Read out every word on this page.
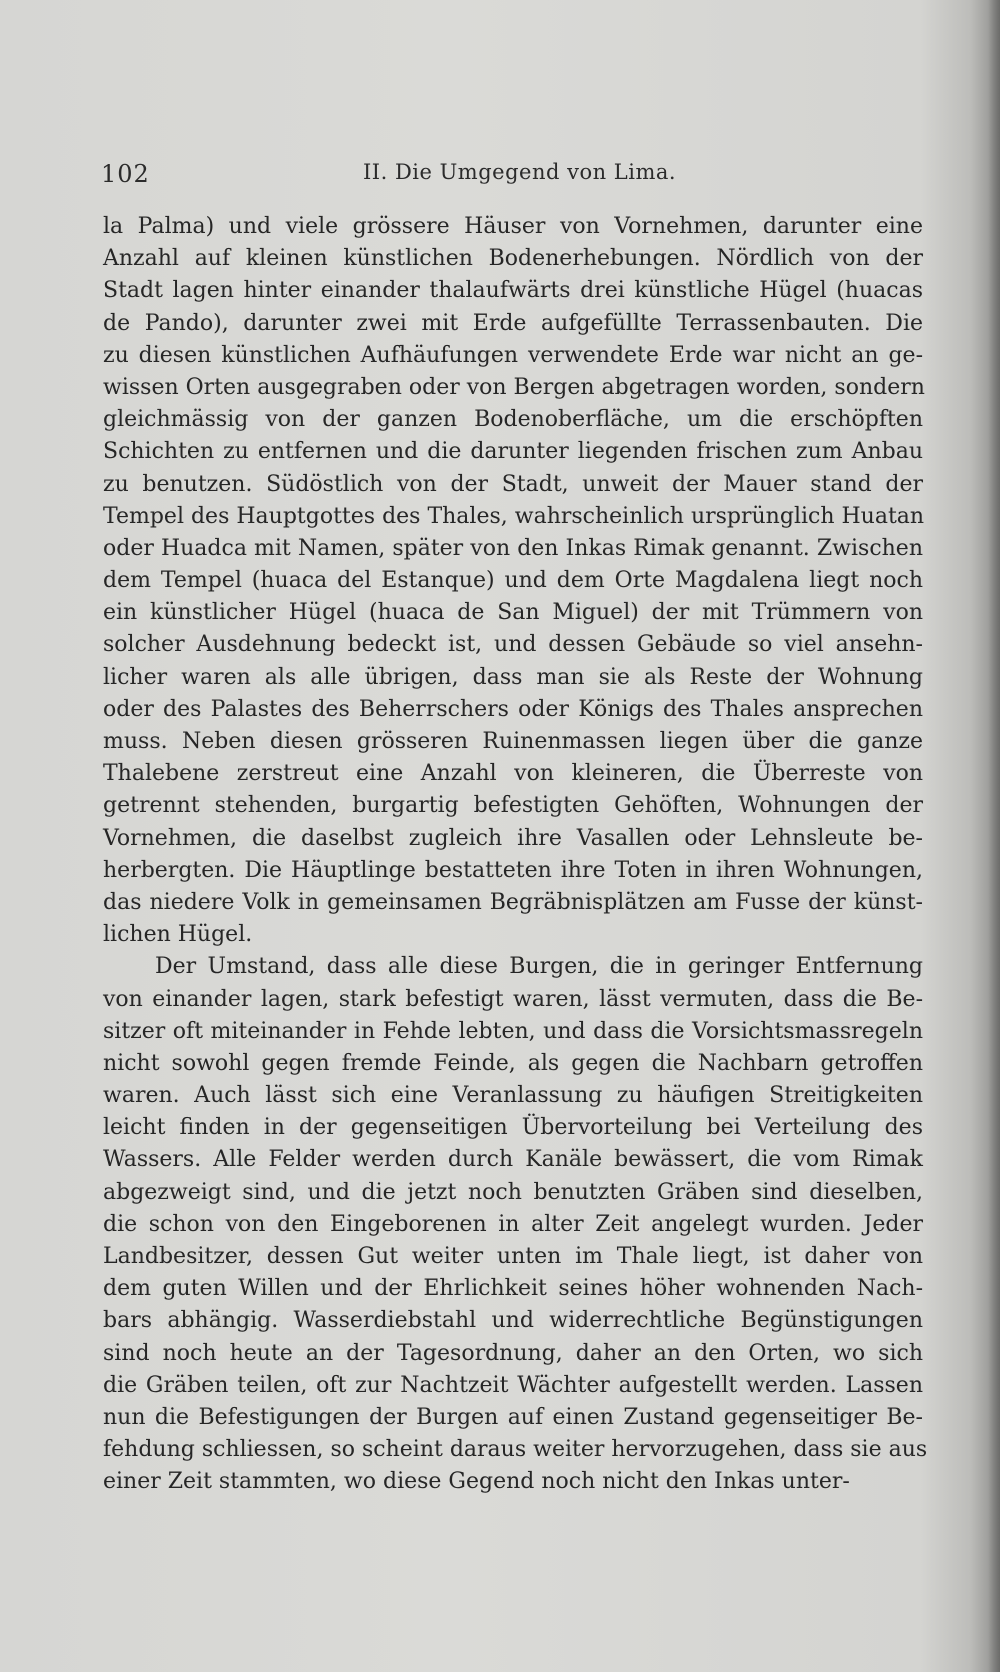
102	II. Die Umgegend von Lima.
la Palma) und viele grössere Häuser von Vornehmen, darunter eine
Anzahl auf kleinen künstlichen Bodenerhebungen. Nördlich von der
Stadt lagen hinter einander thalaufwärts drei künstliche Hügel (huacas
de Pando), darunter zwei mit Erde aufgefüllte Terrassenbauten. Die
zu diesen künstlichen Aufhäufungen verwendete Erde war nicht an ge-
wissen Orten ausgegraben oder von Bergen abgetragen worden, sondern
gleichmässig von der ganzen Bodenoberfläche, um die erschöpften
Schichten zu entfernen und die darunter liegenden frischen zum Anbau
zu benutzen. Südöstlich von der Stadt, unweit der Mauer stand der
Tempel des Hauptgottes des Thales, wahrscheinlich ursprünglich Huatan
oder Huadca mit Namen, später von den Inkas Rimak genannt. Zwischen
dem Tempel (huaca del Estanque) und dem Orte Magdalena liegt noch
ein künstlicher Hügel (huaca de San Miguel) der mit Trümmern von
solcher Ausdehnung bedeckt ist, und dessen Gebäude so viel ansehn-
licher waren als alle übrigen, dass man sie als Reste der Wohnung
oder des Palastes des Beherrschers oder Königs des Thales ansprechen
muss. Neben diesen grösseren Ruinenmassen liegen über die ganze
Thalebene zerstreut eine Anzahl von kleineren, die Überreste von
getrennt stehenden, burgartig befestigten Gehöften, Wohnungen der
Vornehmen, die daselbst zugleich ihre Vasallen oder Lehnsleute be-
herbergten. Die Häuptlinge bestatteten ihre Toten in ihren Wohnungen,
das niedere Volk in gemeinsamen Begräbnisplätzen am Fusse der künst-
lichen Hügel.
Der Umstand, dass alle diese Burgen, die in geringer Entfernung
von einander lagen, stark befestigt waren, lässt vermuten, dass die Be-
sitzer oft miteinander in Fehde lebten, und dass die Vorsichtsmassregeln
nicht sowohl gegen fremde Feinde, als gegen die Nachbarn getroffen
waren. Auch lässt sich eine Veranlassung zu häufigen Streitigkeiten
leicht finden in der gegenseitigen Übervorteilung bei Verteilung des
Wassers. Alle Felder werden durch Kanäle bewässert, die vom Rimak
abgezweigt sind, und die jetzt noch benutzten Gräben sind dieselben,
die schon von den Eingeborenen in alter Zeit angelegt wurden. Jeder
Landbesitzer, dessen Gut weiter unten im Thale liegt, ist daher von
dem guten Willen und der Ehrlichkeit seines höher wohnenden Nach-
bars abhängig. Wasserdiebstahl und widerrechtliche Begünstigungen
sind noch heute an der Tagesordnung, daher an den Orten, wo sich
die Gräben teilen, oft zur Nachtzeit Wächter aufgestellt werden. Lassen
nun die Befestigungen der Burgen auf einen Zustand gegenseitiger Be-
fehdung schliessen, so scheint daraus weiter hervorzugehen, dass sie aus
einer Zeit stammten, wo diese Gegend noch nicht den Inkas unter-
